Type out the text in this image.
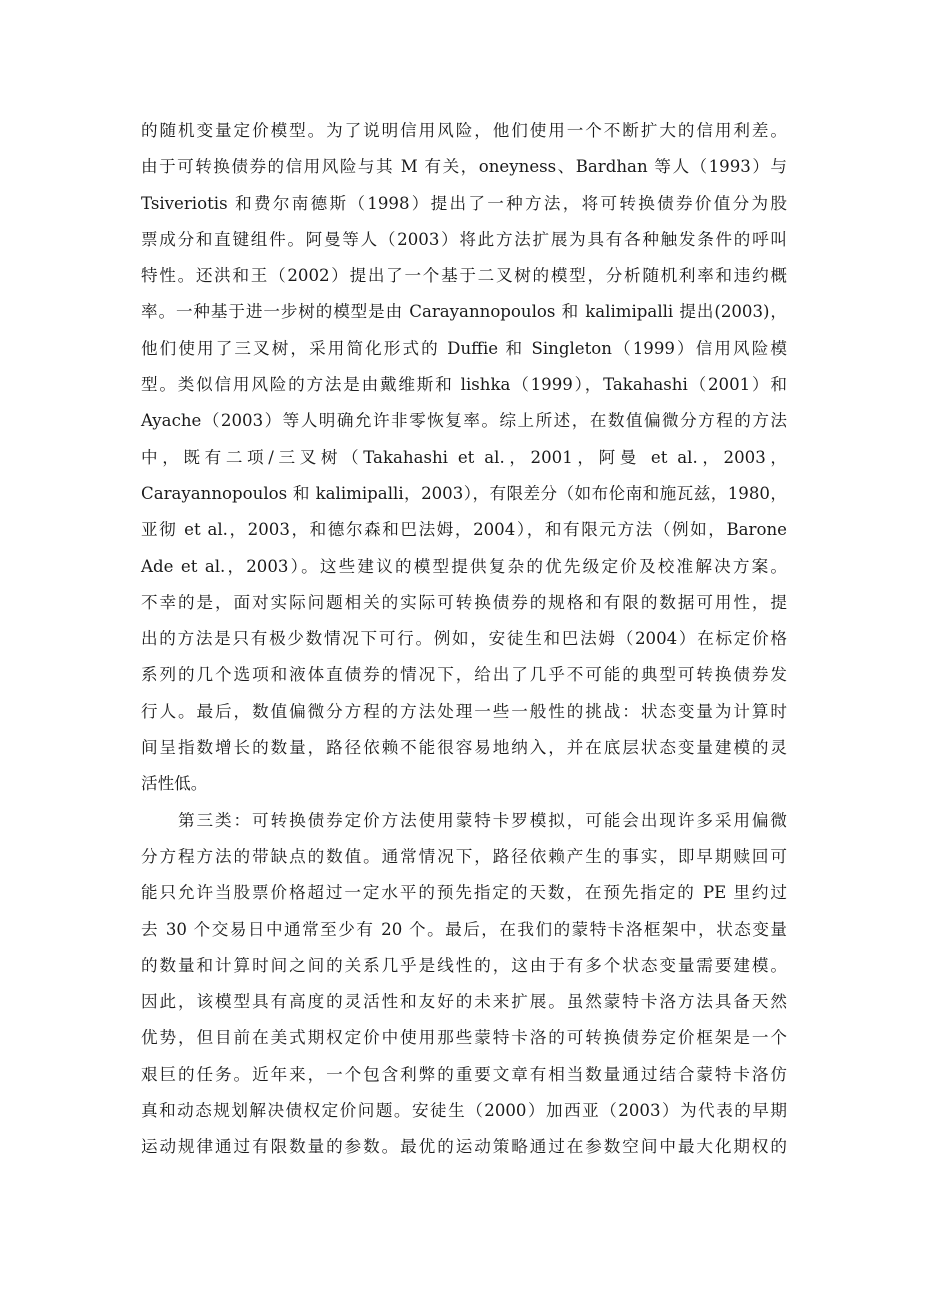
的随机变量定价模型。为了说明信用风险，他们使用一个不断扩大的信用利差。
由于可转换债券的信用风险与其 M 有关，oneyness、Bardhan 等人（1993）与
Tsiveriotis 和费尔南德斯（1998）提出了一种方法，将可转换债券价值分为股
票成分和直键组件。阿曼等人（2003）将此方法扩展为具有各种触发条件的呼叫
特性。还洪和王（2002）提出了一个基于二叉树的模型，分析随机利率和违约概
率。一种基于进一步树的模型是由 Carayannopoulos 和 kalimipalli 提出(2003)，
他们使用了三叉树，采用简化形式的 Duffie 和 Singleton（1999）信用风险模
型。类似信用风险的方法是由戴维斯和 lishka（1999），Takahashi（2001）和
Ayache（2003）等人明确允许非零恢复率。综上所述，在数值偏微分方程的方法
中，既有二项/三叉树（Takahashi et al.，2001，阿曼 et al.，2003，
Carayannopoulos 和 kalimipalli，2003），有限差分（如布伦南和施瓦兹，1980，
亚彻 et al.，2003，和德尔森和巴法姆，2004），和有限元方法（例如，Barone
Ade et al.，2003）。这些建议的模型提供复杂的优先级定价及校准解决方案。
不幸的是，面对实际问题相关的实际可转换债券的规格和有限的数据可用性，提
出的方法是只有极少数情况下可行。例如，安徒生和巴法姆（2004）在标定价格
系列的几个选项和液体直债券的情况下，给出了几乎不可能的典型可转换债券发
行人。最后，数值偏微分方程的方法处理一些一般性的挑战：状态变量为计算时
间呈指数增长的数量，路径依赖不能很容易地纳入，并在底层状态变量建模的灵
活性低。
第三类：可转换债券定价方法使用蒙特卡罗模拟，可能会出现许多采用偏微
分方程方法的带缺点的数值。通常情况下，路径依赖产生的事实，即早期赎回可
能只允许当股票价格超过一定水平的预先指定的天数，在预先指定的 PE 里约过
去 30 个交易日中通常至少有 20 个。最后，在我们的蒙特卡洛框架中，状态变量
的数量和计算时间之间的关系几乎是线性的，这由于有多个状态变量需要建模。
因此，该模型具有高度的灵活性和友好的未来扩展。虽然蒙特卡洛方法具备天然
优势，但目前在美式期权定价中使用那些蒙特卡洛的可转换债券定价框架是一个
艰巨的任务。近年来，一个包含利弊的重要文章有相当数量通过结合蒙特卡洛仿
真和动态规划解决债权定价问题。安徒生（2000）加西亚（2003）为代表的早期
运动规律通过有限数量的参数。最优的运动策略通过在参数空间中最大化期权的
